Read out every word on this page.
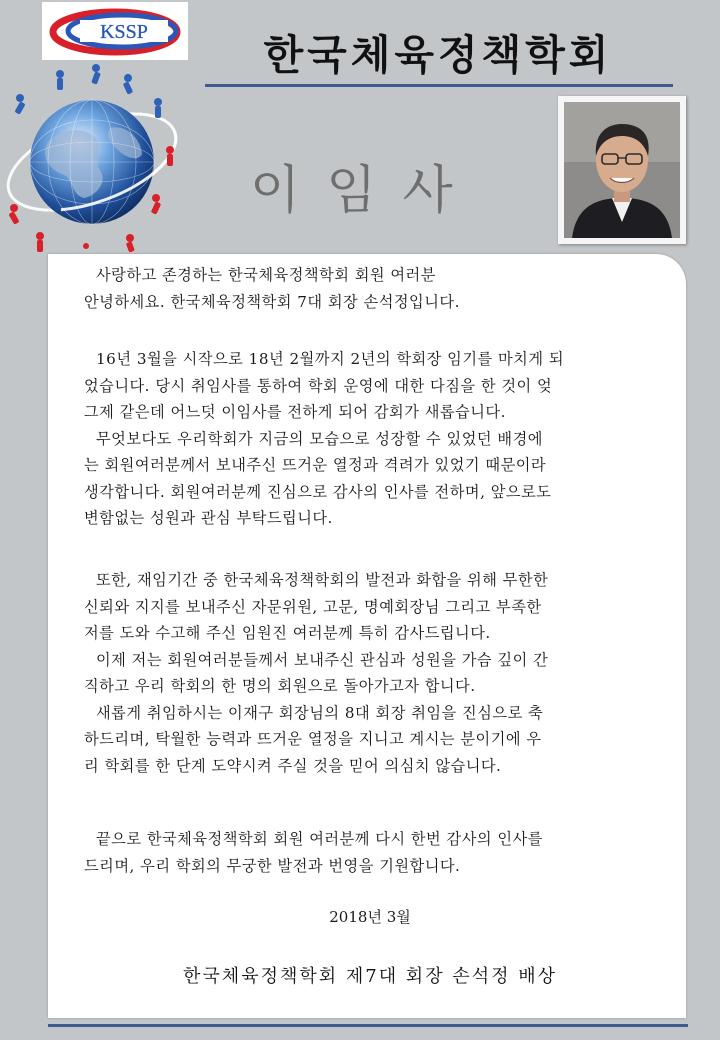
KSSP	한국체육정책학회
이임사
사랑하고 존경하는 한국체육정책학회 회원 여러분
안녕하세요. 한국체육정책학회 7대 회장 손석정입니다.
16년 3월을 시작으로 18년 2월까지 2년의 학회장 임기를 마치게 되
었습니다. 당시 취임사를 통하여 학회 운영에 대한 다짐을 한 것이 엊
그제 같은데 어느덧 이임사를 전하게 되어 감회가 새롭습니다.
무엇보다도 우리학회가 지금의 모습으로 성장할 수 있었던 배경에
는 회원여러분께서 보내주신 뜨거운 열정과 격려가 있었기 때문이라
생각합니다. 회원여러분께 진심으로 감사의 인사를 전하며, 앞으로도
변함없는 성원과 관심 부탁드립니다.
또한, 재임기간 중 한국체육정책학회의 발전과 화합을 위해 무한한
신뢰와 지지를 보내주신 자문위원, 고문, 명예회장님 그리고 부족한
저를 도와 수고해 주신 임원진 여러분께 특히 감사드립니다.
이제 저는 회원여러분들께서 보내주신 관심과 성원을 가슴 깊이 간
직하고 우리 학회의 한 명의 회원으로 돌아가고자 합니다.
새롭게 취임하시는 이재구 회장님의 8대 회장 취임을 진심으로 축
하드리며, 탁월한 능력과 뜨거운 열정을 지니고 계시는 분이기에 우
리 학회를 한 단계 도약시켜 주실 것을 믿어 의심치 않습니다.
끝으로 한국체육정책학회 회원 여러분께 다시 한번 감사의 인사를
드리며, 우리 학회의 무궁한 발전과 번영을 기원합니다.
2018년 3월
한국체육정책학회 제7대 회장 손석정 배상
